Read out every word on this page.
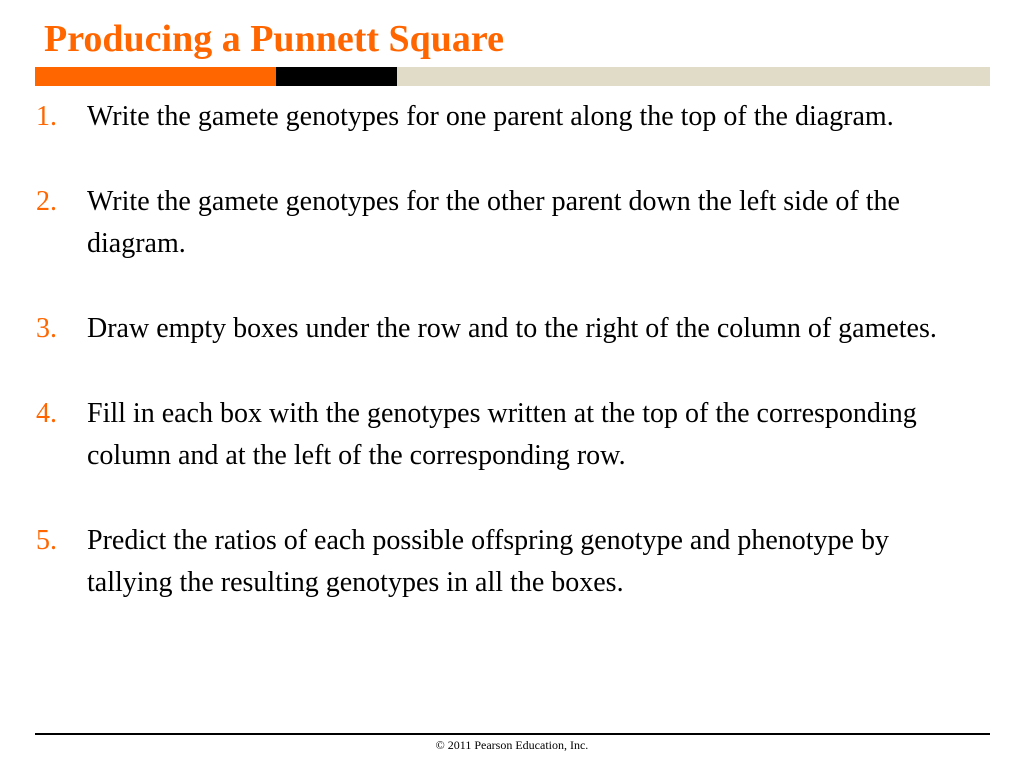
Producing a Punnett Square
1. Write the gamete genotypes for one parent along the top of the diagram.
2. Write the gamete genotypes for the other parent down the left side of the diagram.
3. Draw empty boxes under the row and to the right of the column of gametes.
4. Fill in each box with the genotypes written at the top of the corresponding column and at the left of the corresponding row.
5. Predict the ratios of each possible offspring genotype and phenotype by tallying the resulting genotypes in all the boxes.
© 2011 Pearson Education, Inc.
